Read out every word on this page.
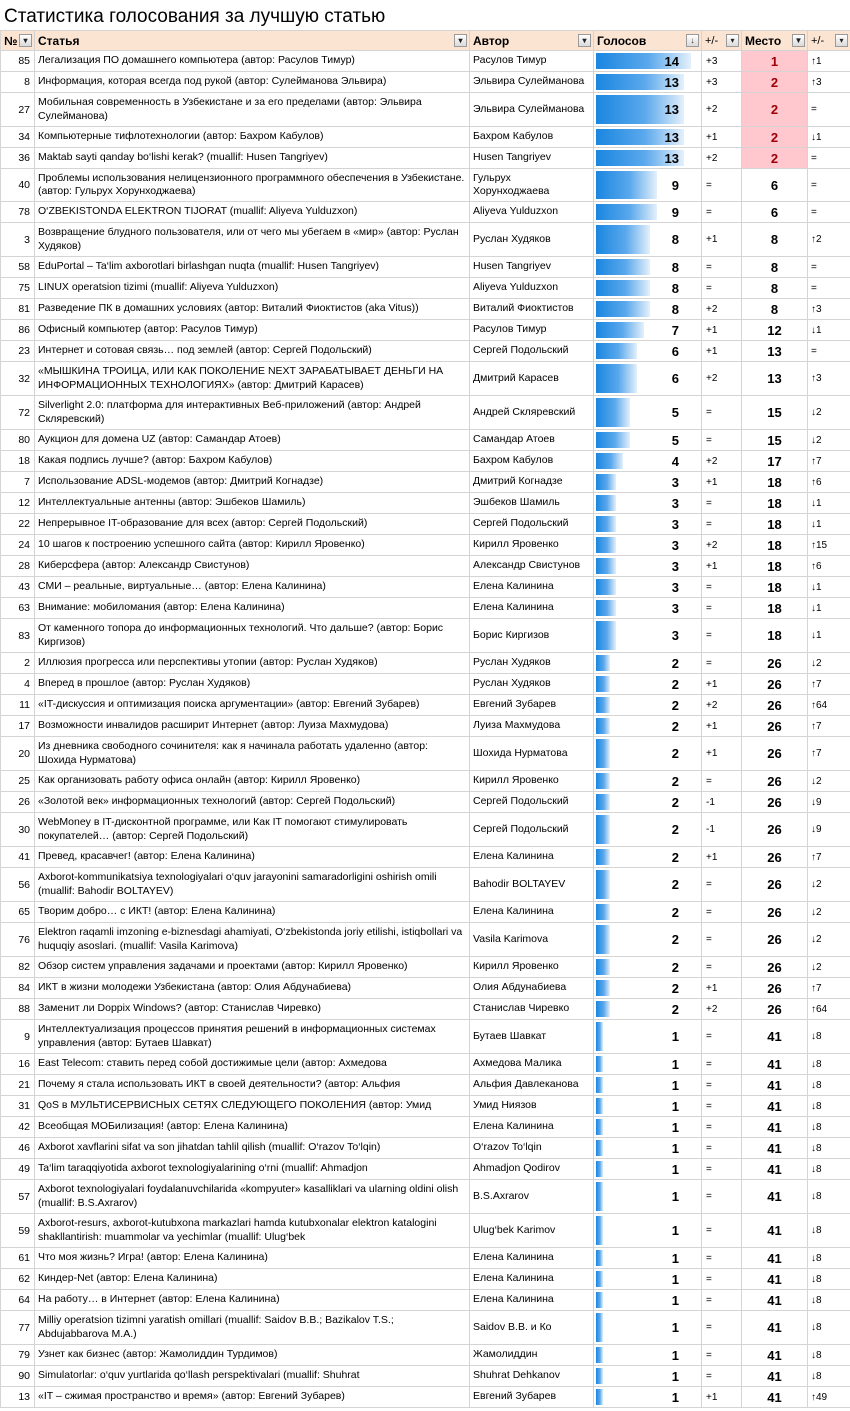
Статистика голосования за лучшую статью
№ ▾	Статья ▾	Автор ▾	Голосов ↓	+/- ▾	Место ▼	+/- ▾

85	Легализация ПО домашнего компьютера (автор: Расулов Тимур)	Расулов Тимур	14	+3	1	↑1
8	Информация, которая всегда под рукой (автор: Сулейманова Эльвира)	Эльвира Сулейманова	13	+3	2	↑3
27	Мобильная современность в Узбекистане и за его пределами (автор: Эльвира Сулейманова)	Эльвира Сулейманова	13	+2	2	=
34	Компьютерные тифлотехнологии (автор: Бахром Кабулов)	Бахром Кабулов	13	+1	2	↓1
36	Maktab sayti qanday bo‘lishi kerak? (muallif: Husen Tangriyev)	Husen Tangriyev	13	+2	2	=
40	Проблемы использования нелицензионного программного обеспечения в Узбекистане. (автор: Гульрух Хорунходжаева)	Гульрух Хорунходжаева	9	=	6	=
78	O‘ZBEKISTONDA ELEKTRON TIJORAT (muallif: Aliyeva Yulduzxon)	Aliyeva Yulduzxon	9	=	6	=
3	Возвращение блудного пользователя, или от чего мы убегаем в «мир» (автор: Руслан Худяков)	Руслан Худяков	8	+1	8	↑2
58	EduPortal – Ta‘lim axborotlari birlashgan nuqta (muallif: Husen Tangriyev)	Husen Tangriyev	8	=	8	=
75	LINUX operatsion tizimi (muallif: Aliyeva Yulduzxon)	Aliyeva Yulduzxon	8	=	8	=
81	Разведение ПК в домашних условиях (автор: Виталий Фиоктистов (aka Vitus))	Виталий Фиоктистов	8	+2	8	↑3
86	Офисный компьютер (автор: Расулов Тимур)	Расулов Тимур	7	+1	12	↓1
23	Интернет и сотовая связь… под землей (автор: Сергей Подольский)	Сергей Подольский	6	+1	13	=
32	«МЫШКИНА ТРОИЦА, ИЛИ КАК ПОКОЛЕНИЕ NEXT ЗАРАБАТЫВАЕТ ДЕНЬГИ НА ИНФОРМАЦИОННЫХ ТЕХНОЛОГИЯХ» (автор: Дмитрий Карасев)	Дмитрий Карасев	6	+2	13	↑3
72	Silverlight 2.0: платформа для интерактивных Веб-приложений (автор: Андрей Скляревский)	Андрей Скляревский	5	=	15	↓2
80	Аукцион для домена UZ (автор: Самандар Атоев)	Самандар Атоев	5	=	15	↓2
18	Какая подпись лучше? (автор: Бахром Кабулов)	Бахром Кабулов	4	+2	17	↑7
7	Использование ADSL-модемов (автор: Дмитрий Когнадзе)	Дмитрий Когнадзе	3	+1	18	↑6
12	Интеллектуальные антенны (автор: Эшбеков Шамиль)	Эшбеков Шамиль	3	=	18	↓1
22	Непрерывное IT-образование для всех (автор: Сергей Подольский)	Сергей Подольский	3	=	18	↓1
24	10 шагов к построению успешного сайта (автор: Кирилл Яровенко)	Кирилл Яровенко	3	+2	18	↑15
28	Киберсфера (автор: Александр Свистунов)	Александр Свистунов	3	+1	18	↑6
43	СМИ – реальные, виртуальные… (автор: Елена Калинина)	Елена Калинина	3	=	18	↓1
63	Внимание: мобиломания (автор: Елена Калинина)	Елена Калинина	3	=	18	↓1
83	От каменного топора до информационных технологий. Что дальше? (автор: Борис Киргизов)	Борис Киргизов	3	=	18	↓1
2	Иллюзия прогресса или перспективы утопии (автор: Руслан Худяков)	Руслан Худяков	2	=	26	↓2
4	Вперед в прошлое (автор: Руслан Худяков)	Руслан Худяков	2	+1	26	↑7
11	«IT-дискуссия и оптимизация поиска аргументации» (автор: Евгений Зубарев)	Евгений Зубарев	2	+2	26	↑64
17	Возможности инвалидов расширит Интернет (автор: Луиза Махмудова)	Луиза Махмудова	2	+1	26	↑7
20	Из дневника свободного сочинителя: как я начинала работать удаленно (автор: Шохида Нурматова)	Шохида Нурматова	2	+1	26	↑7
25	Как организовать работу офиса онлайн (автор: Кирилл Яровенко)	Кирилл Яровенко	2	=	26	↓2
26	«Золотой век» информационных технологий (автор: Сергей Подольский)	Сергей Подольский	2	-1	26	↓9
30	WebMoney в IT-дисконтной программе, или Как IT помогают стимулировать покупателей… (автор: Сергей Подольский)	Сергей Подольский	2	-1	26	↓9
41	Превед, красавчег! (автор: Елена Калинина)	Елена Калинина	2	+1	26	↑7
56	Axborot-kommunikatsiya texnologiyalari o‘quv jarayonini samaradorligini oshirish omili (muallif: Bahodir BOLTAYEV)	Bahodir BOLTAYEV	2	=	26	↓2
65	Творим добро… с ИКТ! (автор: Елена Калинина)	Елена Калинина	2	=	26	↓2
76	Elektron raqamli imzoning e-biznesdagi ahamiyati, O‘zbekistonda joriy etilishi, istiqbollari va huquqiy asoslari. (muallif: Vasila Karimova)	Vasila Karimova	2	=	26	↓2
82	Обзор систем управления задачами и проектами (автор: Кирилл Яровенко)	Кирилл Яровенко	2	=	26	↓2
84	ИКТ в жизни молодежи Узбекистана (автор: Олия Абдунабиева)	Олия Абдунабиева	2	+1	26	↑7
88	Заменит ли Doppix Windows? (автор: Станислав Чиревко)	Станислав Чиревко	2	+2	26	↑64
9	Интеллектуализация процессов принятия решений в информационных системах управления (автор: Бутаев Шавкат)	Бутаев Шавкат	1	=	41	↓8
16	East Telecom: ставить перед собой достижимые цели (автор: Ахмедова	Ахмедова Малика	1	=	41	↓8
21	Почему я стала использовать ИКТ в своей деятельности? (автор: Альфия	Альфия Давлеканова	1	=	41	↓8
31	QoS в МУЛЬТИСЕРВИСНЫХ СЕТЯХ СЛЕДУЮЩЕГО ПОКОЛЕНИЯ (автор: Умид	Умид Ниязов	1	=	41	↓8
42	Всеобщая МОБилизация! (автор: Елена Калинина)	Елена Калинина	1	=	41	↓8
46	Axborot xavflarini sifat va son jihatdan tahlil qilish (muallif: O‘razov To‘lqin)	O‘razov To‘lqin	1	=	41	↓8
49	Ta‘lim taraqqiyotida axborot texnologiyalarining o‘rni (muallif: Ahmadjon	Ahmadjon Qodirov	1	=	41	↓8
57	Axborot texnologiyalari foydalanuvchilarida «kompyuter» kasalliklari va ularning oldini olish (muallif: B.S.Axrarov)	B.S.Axrarov	1	=	41	↓8
59	Axborot-resurs, axborot-kutubxona markazlari hamda kutubxonalar elektron katalogini shakllantirish: muammolar va yechimlar (muallif: Ulug‘bek	Ulug‘bek Karimov	1	=	41	↓8
61	Что моя жизнь? Игра! (автор: Елена Калинина)	Елена Калинина	1	=	41	↓8
62	Киндер-Net (автор: Елена Калинина)	Елена Калинина	1	=	41	↓8
64	На работу… в Интернет (автор: Елена Калинина)	Елена Калинина	1	=	41	↓8
77	Milliy operatsion tizimni yaratish omillari (muallif: Saidov B.B.; Bazikalov T.S.; Abdujabbarova M.A.)	Saidov B.B. и Ко	1	=	41	↓8
79	Узнет как бизнес (автор: Жамолиддин Турдимов)	Жамолиддин	1	=	41	↓8
90	Simulatorlar: o‘quv yurtlarida qo‘llash perspektivalari (muallif: Shuhrat	Shuhrat Dehkanov	1	=	41	↓8
13	«IT – сжимая пространство и время» (автор: Евгений Зубарев)	Евгений Зубарев	1	+1	41	↑49
